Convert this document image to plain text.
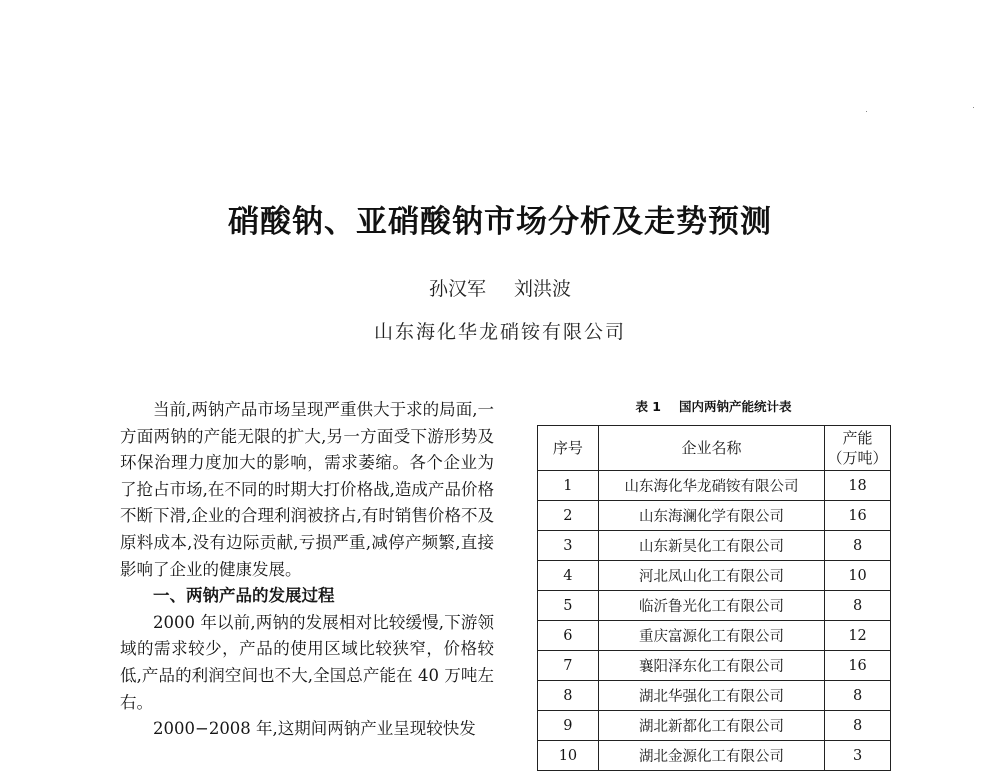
硝酸钠、亚硝酸钠市场分析及走势预测
孙汉军 刘洪波
山东海化华龙硝铵有限公司

当前,两钠产品市场呈现严重供大于求的局面,一方面两钠的产能无限的扩大,另一方面受下游形势及环保治理力度加大的影响，需求萎缩。各个企业为了抢占市场,在不同的时期大打价格战,造成产品价格不断下滑,企业的合理利润被挤占,有时销售价格不及原料成本,没有边际贡献,亏损严重,减停产频繁,直接影响了企业的健康发展。

一、两钠产品的发展过程

2000 年以前,两钠的发展相对比较缓慢,下游领域的需求较少，产品的使用区域比较狭窄，价格较低,产品的利润空间也不大,全国总产能在 40 万吨左右。

2000−2008 年,这期间两钠产业呈现较快发

表 1 国内两钠产能统计表
序号	企业名称	产能
（万吨）

1	山东海化华龙硝铵有限公司	18
2	山东海澜化学有限公司	16
3	山东新昊化工有限公司	8
4	河北凤山化工有限公司	10
5	临沂鲁光化工有限公司	8
6	重庆富源化工有限公司	12
7	襄阳泽东化工有限公司	16
8	湖北华强化工有限公司	8
9	湖北新都化工有限公司	8
10	湖北金源化工有限公司	3
